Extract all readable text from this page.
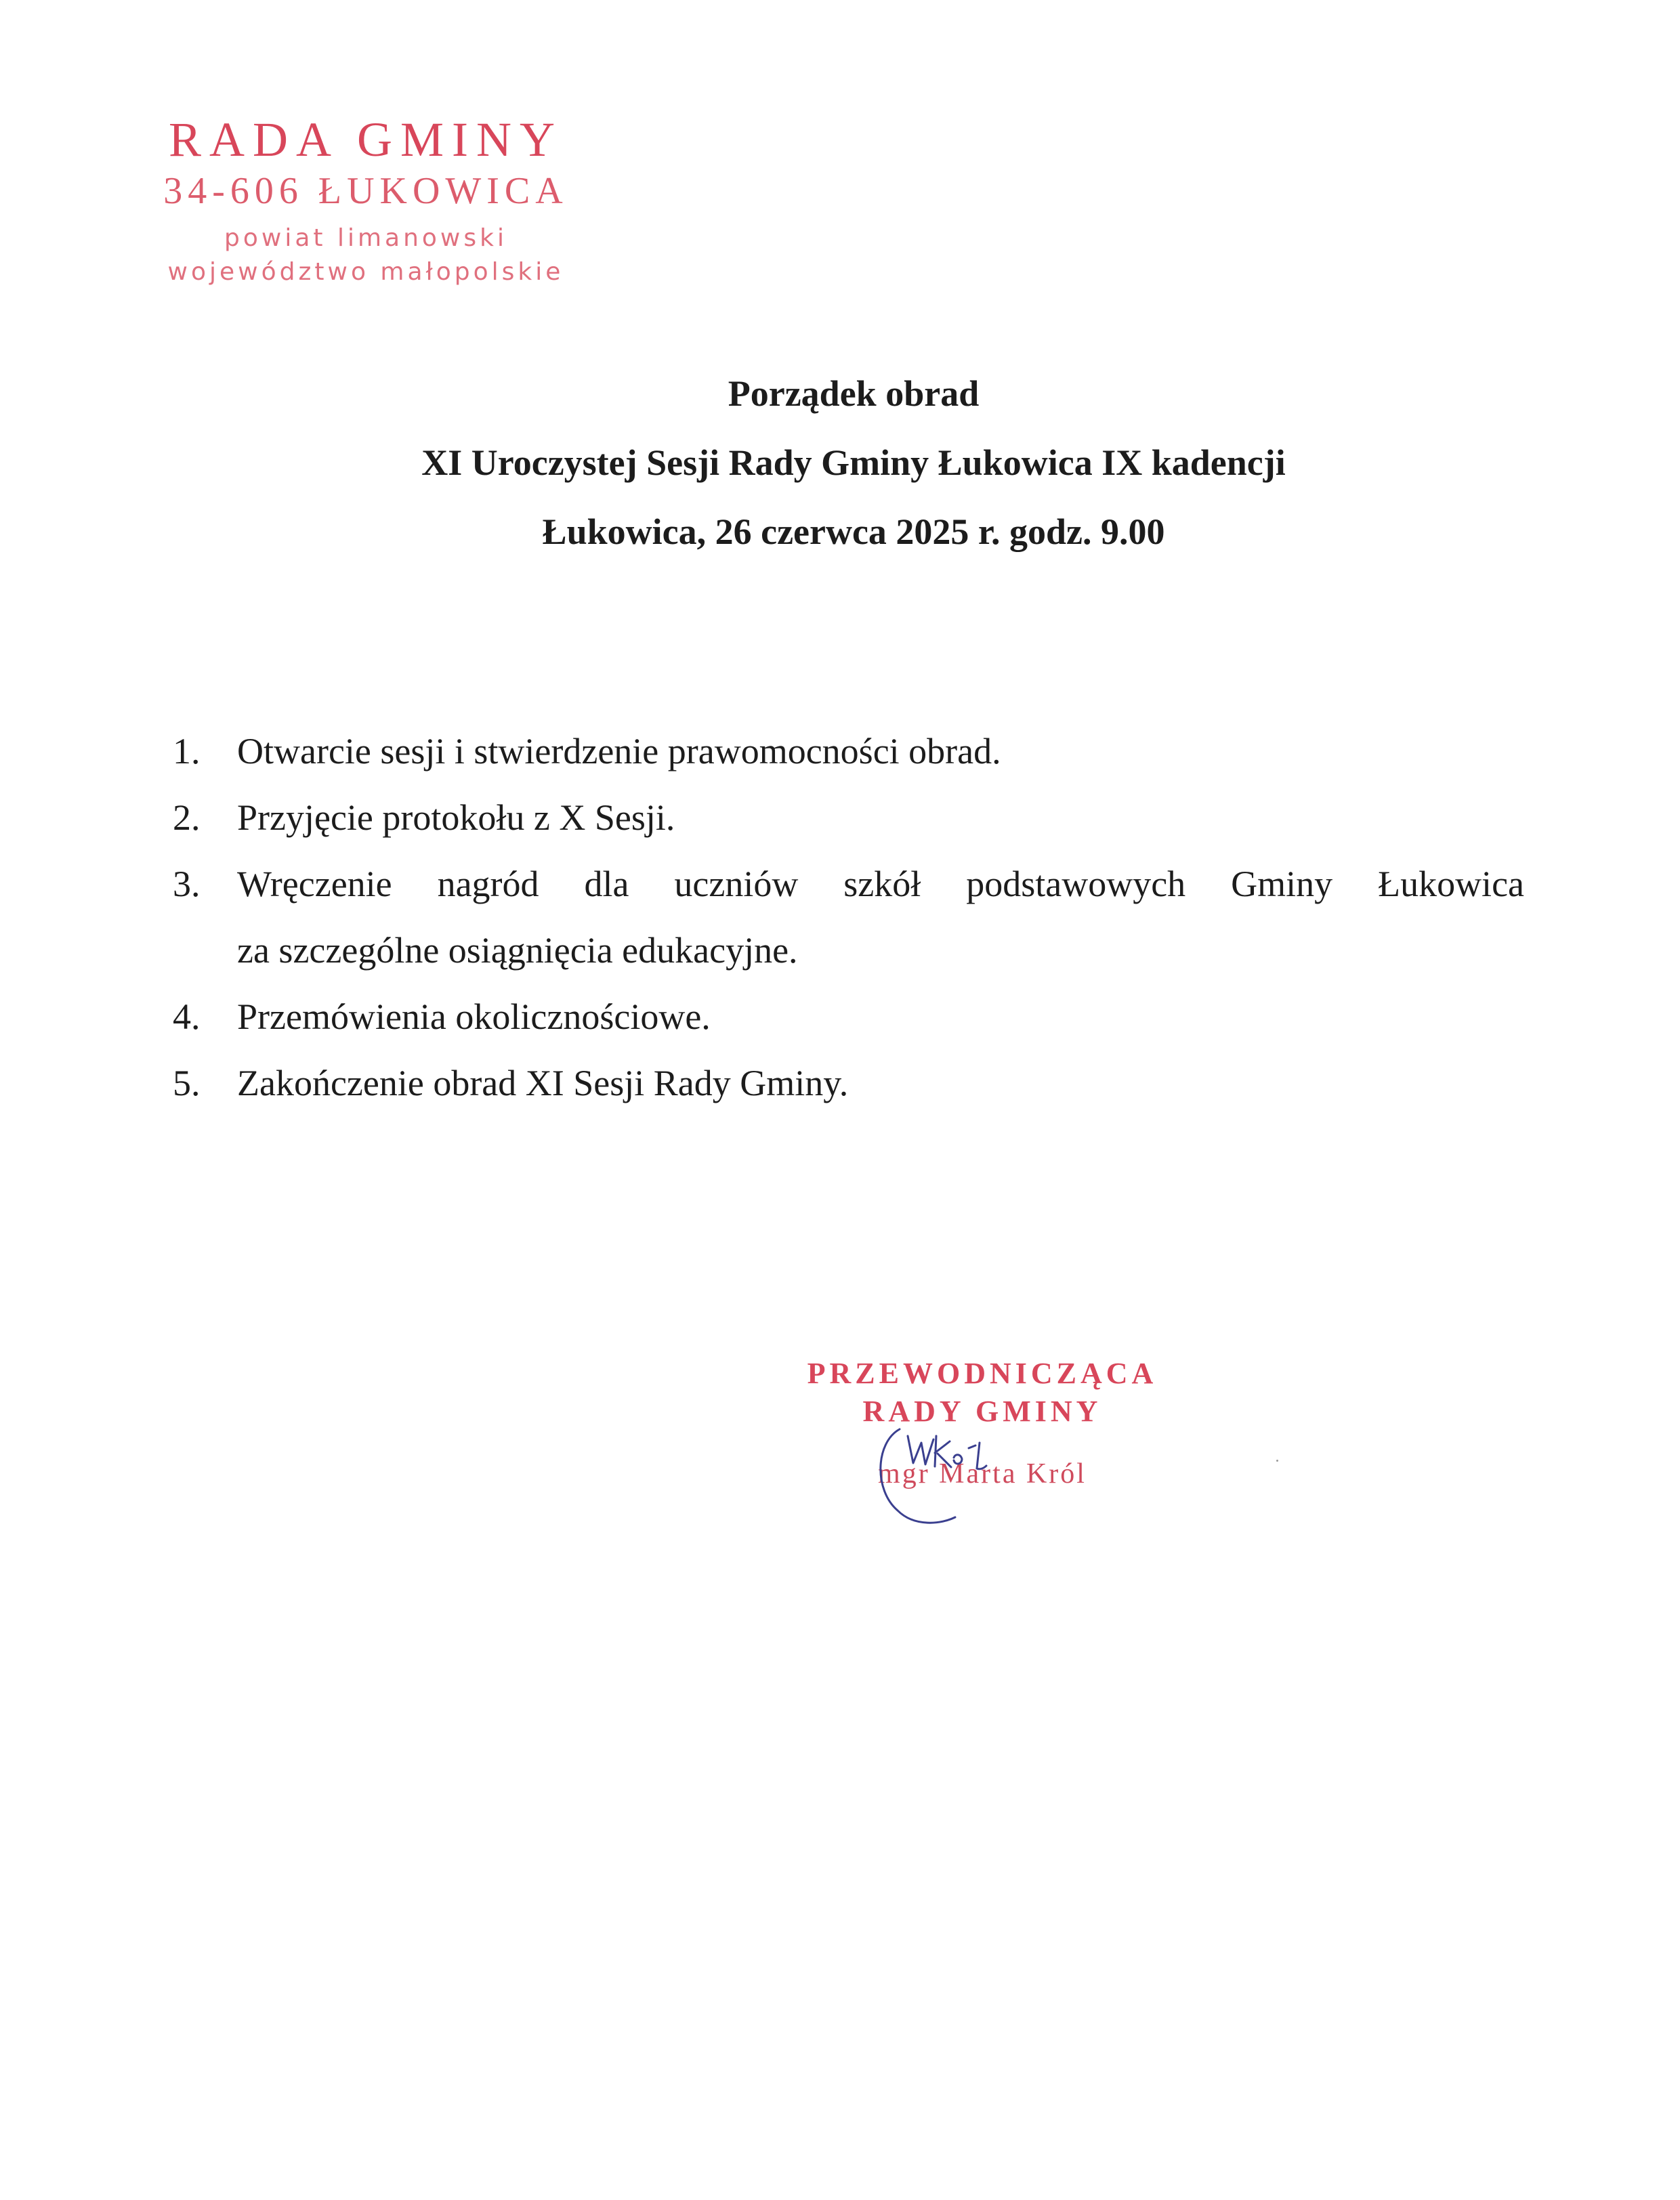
RADA GMINY
34-606 ŁUKOWICA
powiat limanowski
województwo małopolskie
Porządek obrad
XI Uroczystej Sesji Rady Gminy Łukowica IX kadencji
Łukowica, 26 czerwca 2025 r. godz. 9.00
1. Otwarcie sesji i stwierdzenie prawomocności obrad.
2. Przyjęcie protokołu z X Sesji.
3. Wręczenie nagród dla uczniów szkół podstawowych Gminy Łukowica
za szczególne osiągnięcia edukacyjne.
4. Przemówienia okolicznościowe.
5. Zakończenie obrad XI Sesji Rady Gminy.
PRZEWODNICZĄCA
RADY GMINY
mgr Marta Król
